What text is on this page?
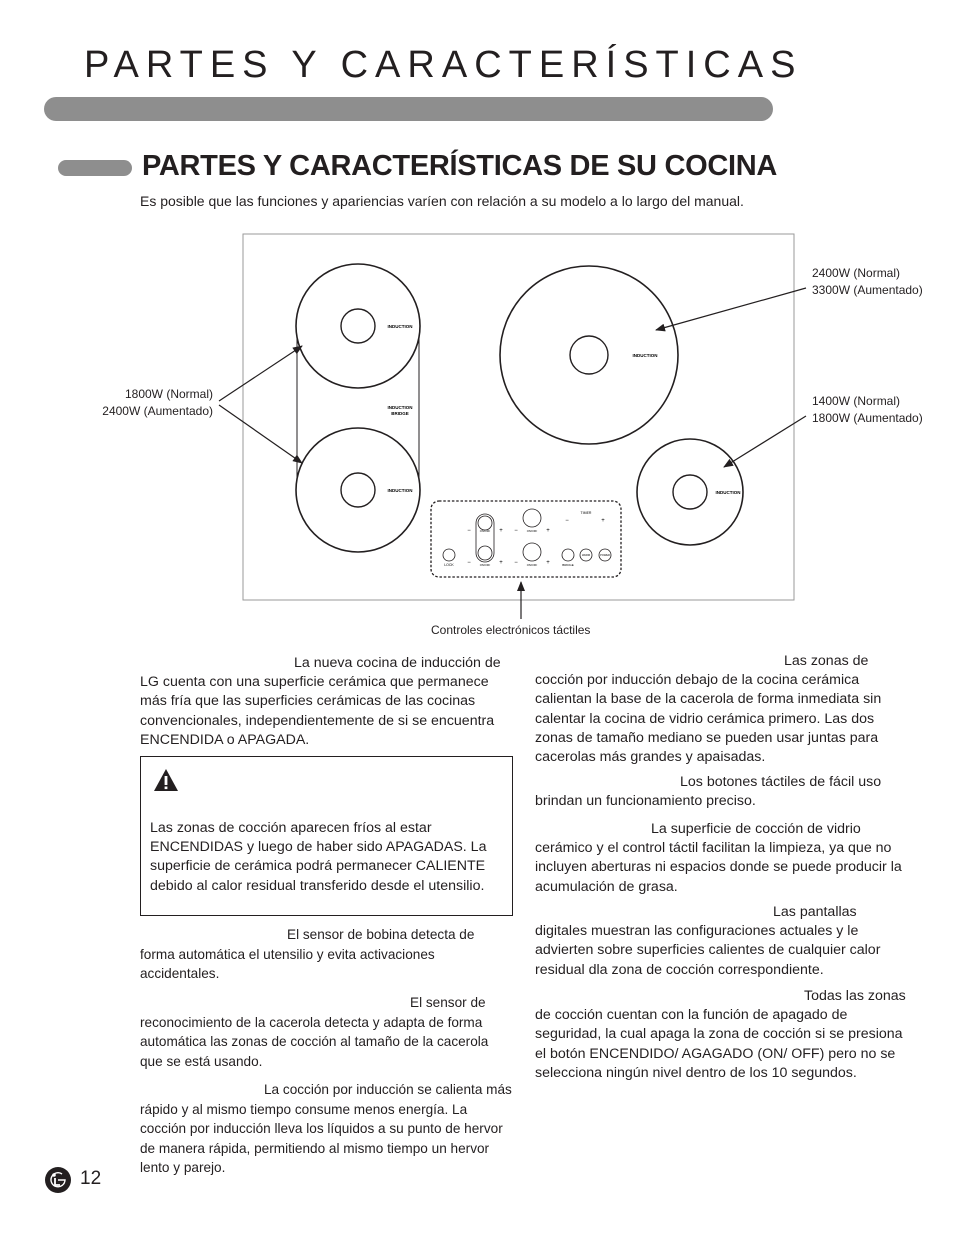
PARTES Y CARACTERÍSTICAS
PARTES Y CARACTERÍSTICAS DE SU COCINA
Es posible que las funciones y apariencias varíen con relación a su modelo a lo largo del manual.
INDUCTION
INDUCTION
INDUCTION
BRIDGE
INDUCTION
INDUCTION
LOCK
−	+
−	+
ON/OFF
ON/OFF
−	+
−	+
ON/OFF
ON/OFF
TIMER
−	+
BRIDGE
WARM	POWER
1800W (Normal)
2400W (Aumentado)
2400W (Normal)
3300W (Aumentado)
1400W (Normal)
1800W (Aumentado)
Controles electrónicos táctiles
La nueva cocina de inducción de LG cuenta con una superficie cerámica que permanece más fría que las superficies cerámicas de las cocinas convencionales, independientemente de si se encuentra ENCENDIDA o APAGADA.
Las zonas de cocción aparecen fríos al estar ENCENDIDAS y luego de haber sido APAGADAS. La superficie de cerámica podrá permanecer CALIENTE debido al calor residual transferido desde el utensilio.
El sensor de bobina detecta de forma automática el utensilio y evita activaciones accidentales.
El sensor de reconocimiento de la cacerola detecta y adapta de forma automática las zonas de cocción al tamaño de la cacerola que se está usando.
La cocción por inducción se calienta más rápido y al mismo tiempo consume menos energía. La cocción por inducción lleva los líquidos a su punto de hervor de manera rápida, permitiendo al mismo tiempo un hervor lento y parejo.
Las zonas de cocción por inducción debajo de la cocina cerámica calientan la base de la cacerola de forma inmediata sin calentar la cocina de vidrio cerámica primero. Las dos zonas de tamaño mediano se pueden usar juntas para cacerolas más grandes y apaisadas.
Los botones táctiles de fácil uso brindan un funcionamiento preciso.
La superficie de cocción de vidrio cerámico y el control táctil facilitan la limpieza, ya que no incluyen aberturas ni espacios donde se puede producir la acumulación de grasa.
Las pantallas digitales muestran las configuraciones actuales y le advierten sobre superficies calientes de cualquier calor residual dla zona de cocción correspondiente.
Todas las zonas de cocción cuentan con la función de apagado de seguridad, la cual apaga la zona de cocción si se presiona el botón ENCENDIDO/ AGAGADO (ON/ OFF) pero no se selecciona ningún nivel dentro de los 10 segundos.
12
